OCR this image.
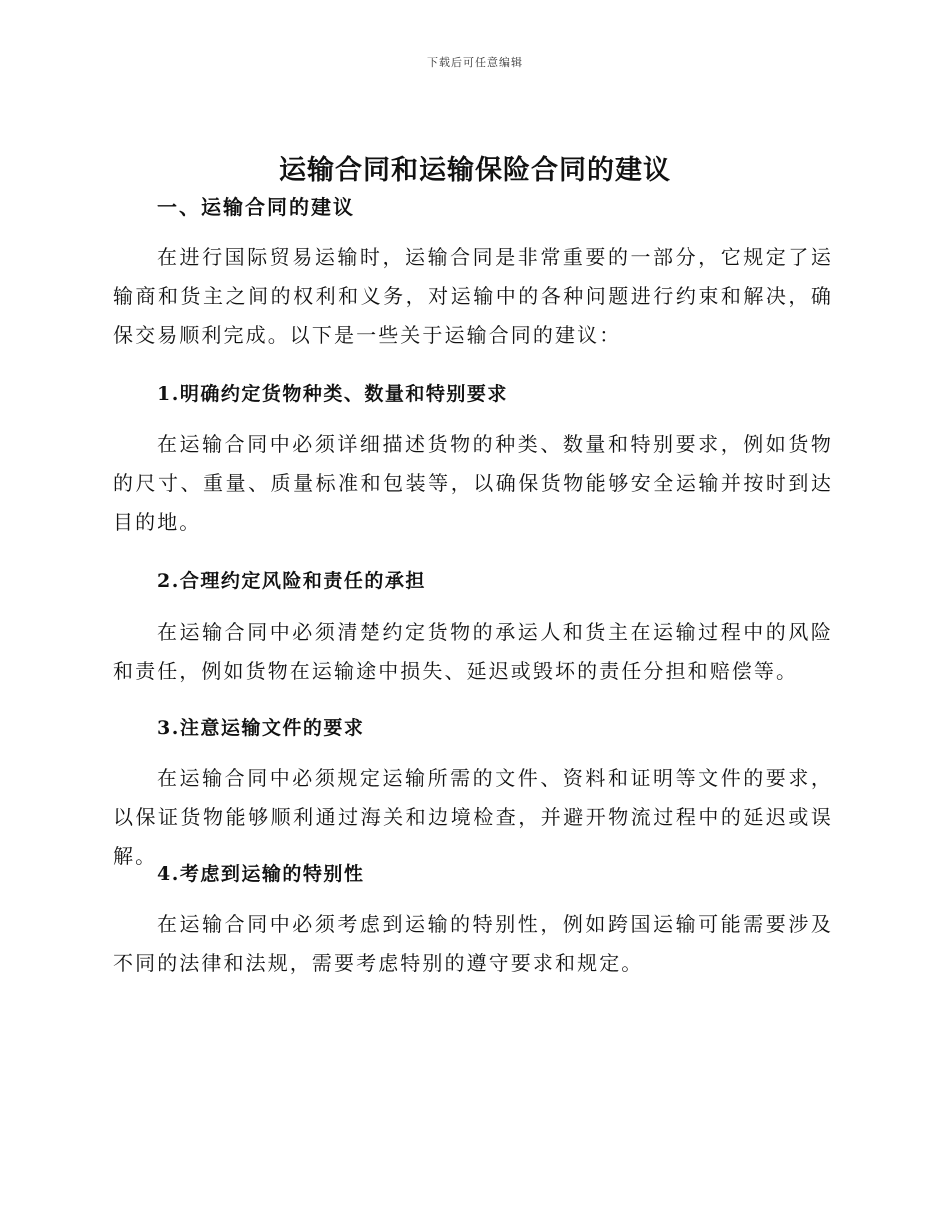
下载后可任意编辑
运输合同和运输保险合同的建议
一、运输合同的建议

在进行国际贸易运输时，运输合同是非常重要的一部分，它规定了运输商和货主之间的权利和义务，对运输中的各种问题进行约束和解决，确保交易顺利完成。以下是一些关于运输合同的建议：

1.明确约定货物种类、数量和特别要求

在运输合同中必须详细描述货物的种类、数量和特别要求，例如货物的尺寸、重量、质量标准和包装等，以确保货物能够安全运输并按时到达目的地。

2.合理约定风险和责任的承担

在运输合同中必须清楚约定货物的承运人和货主在运输过程中的风险和责任，例如货物在运输途中损失、延迟或毁坏的责任分担和赔偿等。

3.注意运输文件的要求

在运输合同中必须规定运输所需的文件、资料和证明等文件的要求，以保证货物能够顺利通过海关和边境检查，并避开物流过程中的延迟或误解。

4.考虑到运输的特别性

在运输合同中必须考虑到运输的特别性，例如跨国运输可能需要涉及不同的法律和法规，需要考虑特别的遵守要求和规定。
